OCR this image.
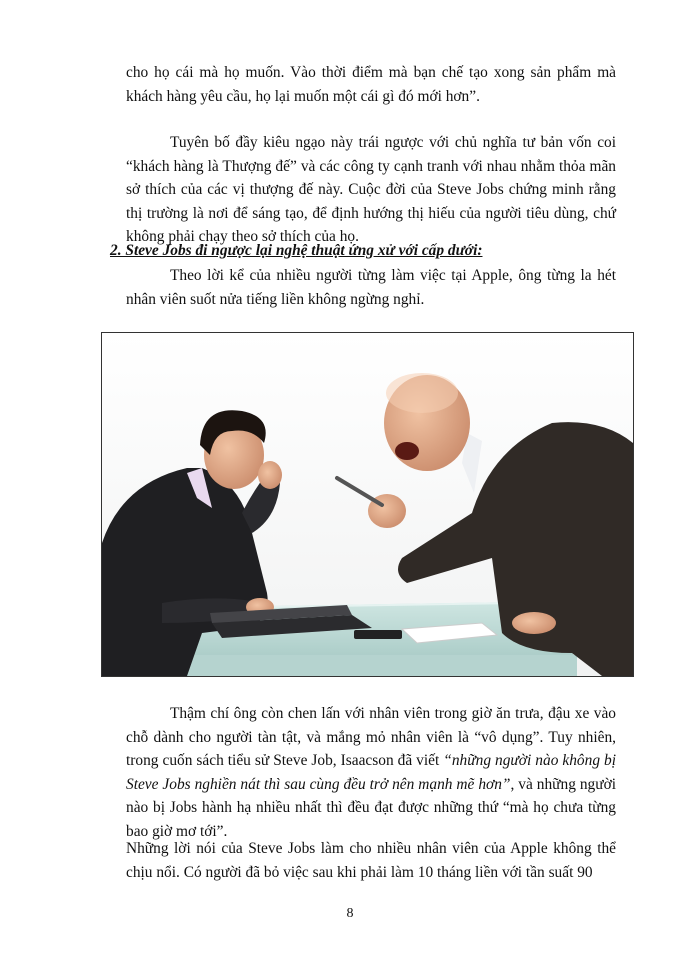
cho họ cái mà họ muốn. Vào thời điểm mà bạn chế tạo xong sản phẩm mà khách hàng yêu cầu, họ lại muốn một cái gì đó mới hơn”.

Tuyên bố đầy kiêu ngạo này trái ngược với chủ nghĩa tư bản vốn coi “khách hàng là Thượng đế” và các công ty cạnh tranh với nhau nhằm thỏa mãn sở thích của các vị thượng đế này. Cuộc đời của Steve Jobs chứng minh rằng thị trường là nơi để sáng tạo, để định hướng thị hiếu của người tiêu dùng, chứ không phải chạy theo sở thích của họ.

2. Steve Jobs đi ngược lại nghệ thuật ứng xử với cấp dưới:

Theo lời kể của nhiều người từng làm việc tại Apple, ông từng la hét nhân viên suốt nửa tiếng liền không ngừng nghỉ.

Thậm chí ông còn chen lấn với nhân viên trong giờ ăn trưa, đậu xe vào chỗ dành cho người tàn tật, và mắng mỏ nhân viên là “vô dụng”. Tuy nhiên, trong cuốn sách tiểu sử Steve Job, Isaacson đã viết “những người nào không bị Steve Jobs nghiền nát thì sau cùng đều trở nên mạnh mẽ hơn”, và những người nào bị Jobs hành hạ nhiều nhất thì đều đạt được những thứ “mà họ chưa từng bao giờ mơ tới”.

Những lời nói của Steve Jobs làm cho nhiều nhân viên của Apple không thể chịu nổi. Có người đã bỏ việc sau khi phải làm 10 tháng liền với tần suất 90

8
